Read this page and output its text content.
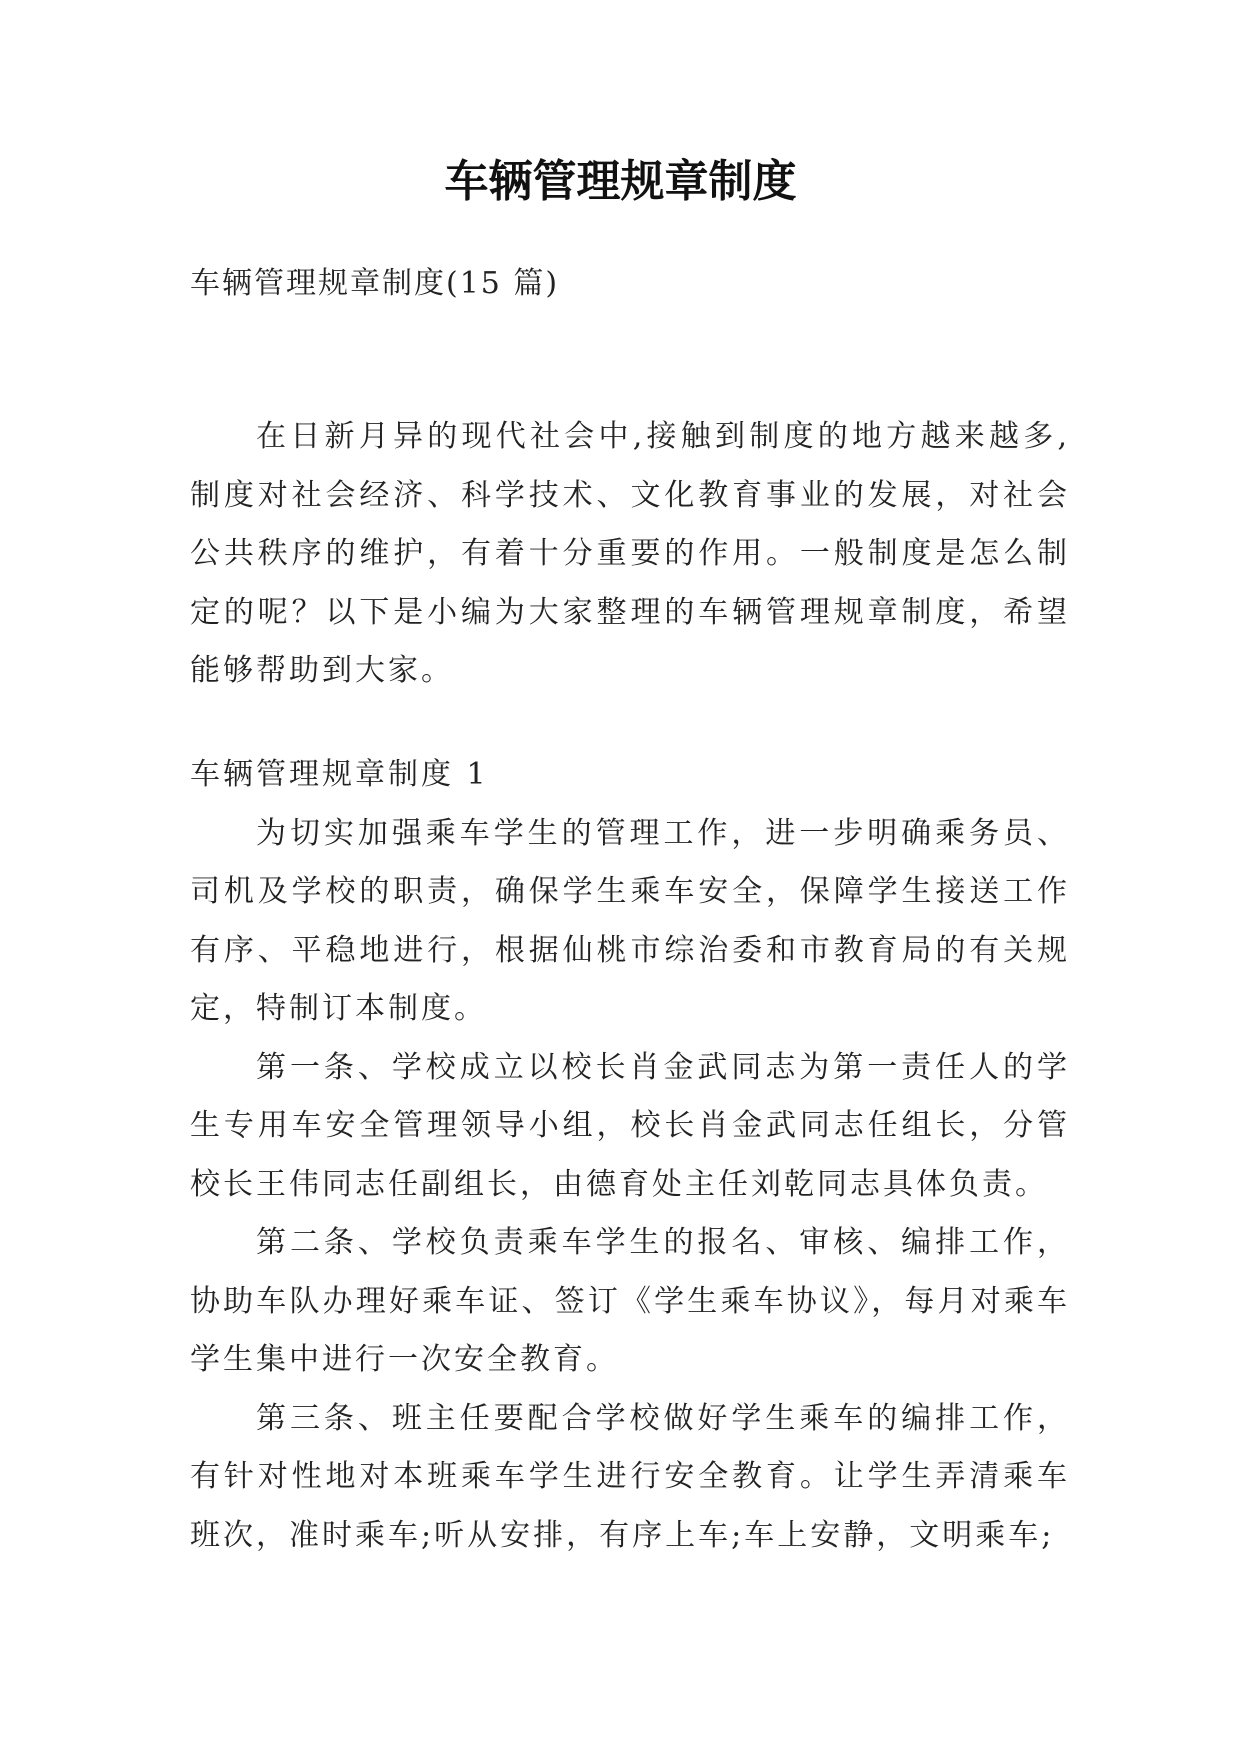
车辆管理规章制度

车辆管理规章制度(15 篇)

在日新月异的现代社会中,接触到制度的地方越来越多,制度对社会经济、科学技术、文化教育事业的发展，对社会公共秩序的维护，有着十分重要的作用。一般制度是怎么制定的呢？以下是小编为大家整理的车辆管理规章制度，希望能够帮助到大家。

车辆管理规章制度 1

为切实加强乘车学生的管理工作，进一步明确乘务员、司机及学校的职责，确保学生乘车安全，保障学生接送工作有序、平稳地进行，根据仙桃市综治委和市教育局的有关规定，特制订本制度。

第一条、学校成立以校长肖金武同志为第一责任人的学生专用车安全管理领导小组，校长肖金武同志任组长，分管校长王伟同志任副组长，由德育处主任刘乾同志具体负责。

第二条、学校负责乘车学生的报名、审核、编排工作，协助车队办理好乘车证、签订《学生乘车协议》，每月对乘车学生集中进行一次安全教育。

第三条、班主任要配合学校做好学生乘车的编排工作，有针对性地对本班乘车学生进行安全教育。让学生弄清乘车班次，准时乘车;听从安排，有序上车;车上安静，文明乘车;
